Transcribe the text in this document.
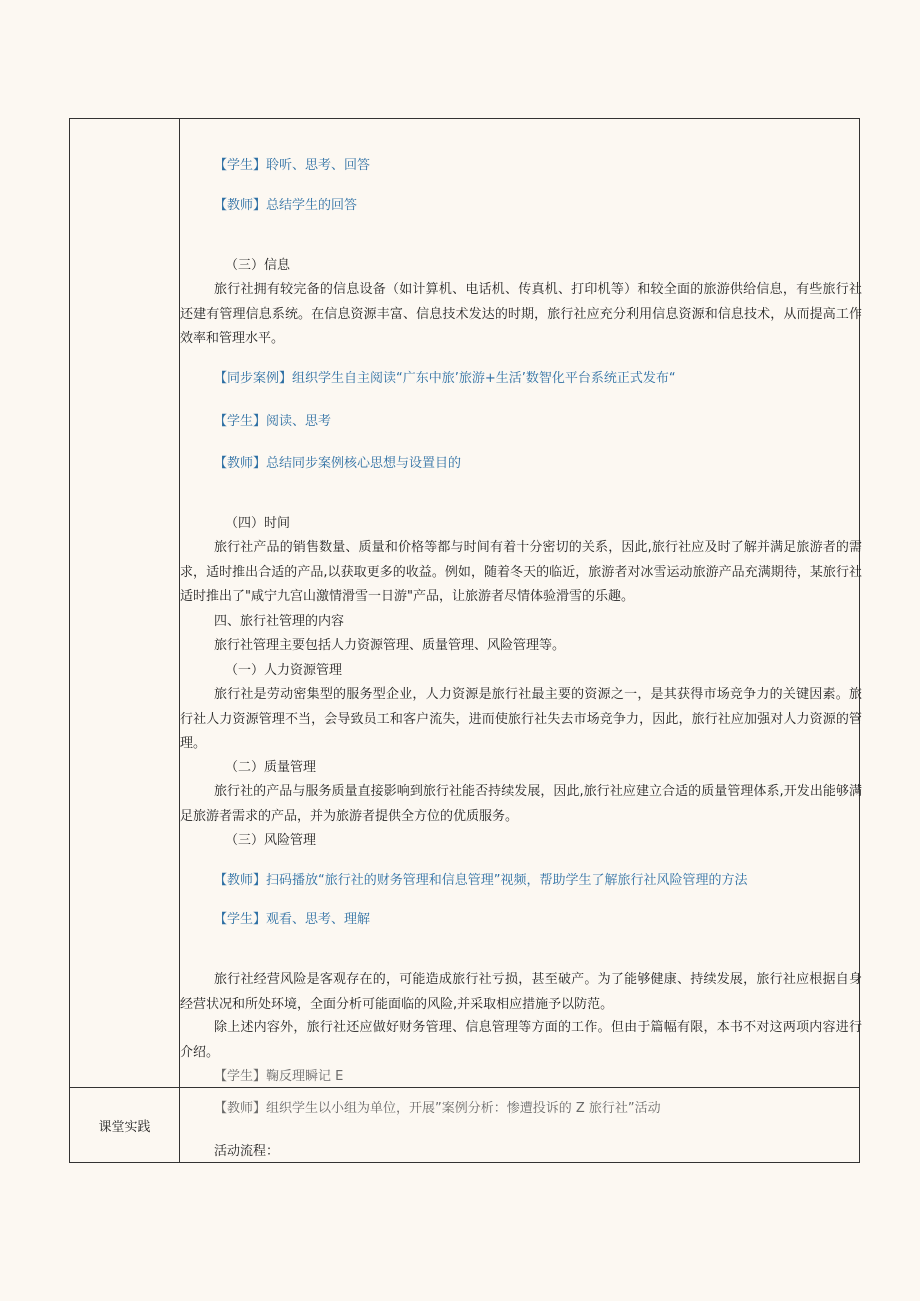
课堂实践

【学生】聆听、思考、回答

【教师】总结学生的回答

（三）信息

旅行社拥有较完备的信息设备（如计算机、电话机、传真机、打印机等）和较全面的旅游供给信息，有些旅行社还建有管理信息系统。在信息资源丰富、信息技术发达的时期，旅行社应充分利用信息资源和信息技术，从而提高工作效率和管理水平。

【同步案例】组织学生自主阅读“广东中旅’旅游+生活’数智化平台系统正式发布“

【学生】阅读、思考

【教师】总结同步案例核心思想与设置目的

（四）时间

旅行社产品的销售数量、质量和价格等都与时间有着十分密切的关系，因此,旅行社应及时了解并满足旅游者的需求，适时推出合适的产品,以获取更多的收益。例如，随着冬天的临近，旅游者对冰雪运动旅游产品充满期待，某旅行社适时推出了"咸宁九宫山激情滑雪一日游"产品，让旅游者尽情体验滑雪的乐趣。

四、旅行社管理的内容

旅行社管理主要包括人力资源管理、质量管理、风险管理等。

（一）人力资源管理

旅行社是劳动密集型的服务型企业，人力资源是旅行社最主要的资源之一，是其获得市场竞争力的关键因素。旅行社人力资源管理不当，会导致员工和客户流失，进而使旅行社失去市场竞争力，因此，旅行社应加强对人力资源的管理。

（二）质量管理

旅行社的产品与服务质量直接影响到旅行社能否持续发展，因此,旅行社应建立合适的质量管理体系,开发出能够满足旅游者需求的产品，并为旅游者提供全方位的优质服务。

（三）风险管理

【教师】扫码播放“旅行社的财务管理和信息管理”视频，帮助学生了解旅行社风险管理的方法

【学生】观看、思考、理解

旅行社经营风险是客观存在的，可能造成旅行社亏损，甚至破产。为了能够健康、持续发展，旅行社应根据自身经营状况和所处环境，全面分析可能面临的风险,并采取相应措施予以防范。

除上述内容外，旅行社还应做好财务管理、信息管理等方面的工作。但由于篇幅有限，本书不对这两项内容进行介绍。

【学生】鞠反理瞬记 E

【教师】组织学生以小组为单位，开展”案例分析：惨遭投诉的 Z 旅行社”活动

活动流程：
